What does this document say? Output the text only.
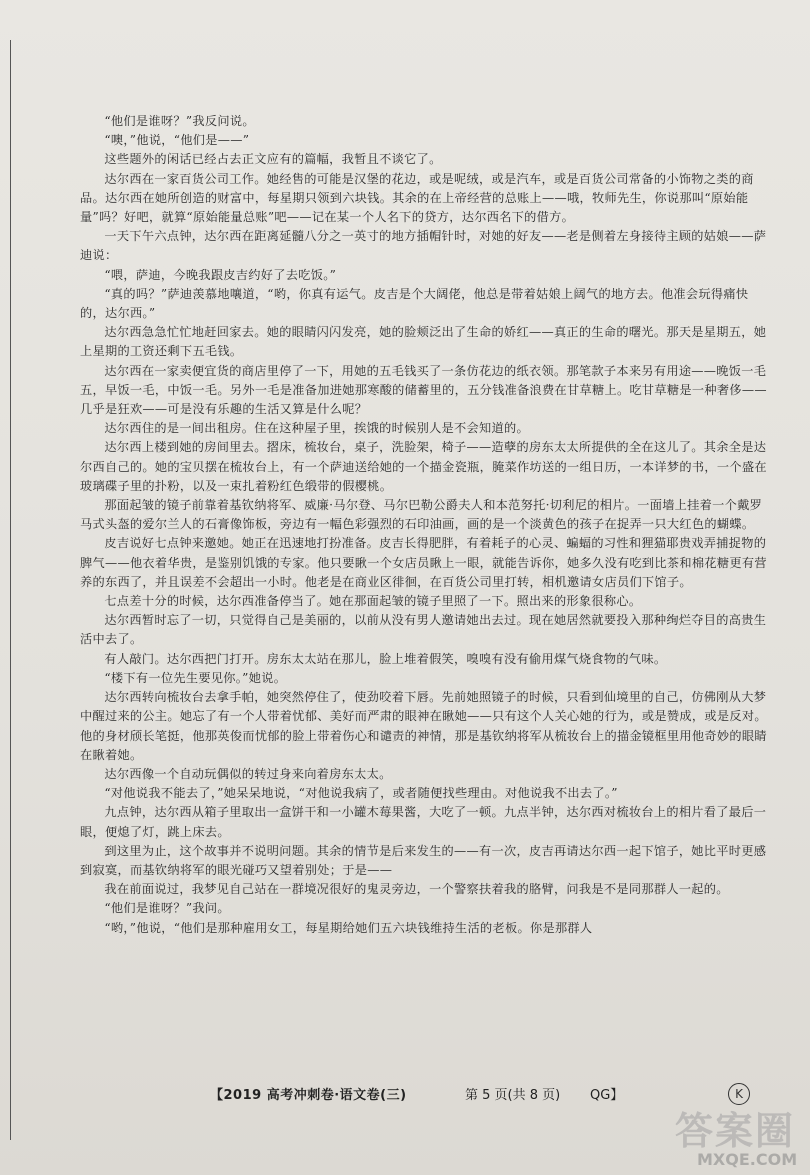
“他们是谁呀？”我反问说。

“噢，”他说，“他们是——”

这些题外的闲话已经占去正文应有的篇幅，我暂且不谈它了。

达尔西在一家百货公司工作。她经售的可能是汉堡的花边，或是呢绒，或是汽车，或是百货公司常备的小饰物之类的商品。达尔西在她所创造的财富中，每星期只领到六块钱。其余的在上帝经营的总账上——哦，牧师先生，你说那叫“原始能量”吗？好吧，就算“原始能量总账”吧——记在某一个人名下的贷方，达尔西名下的借方。

一天下午六点钟，达尔西在距离延髓八分之一英寸的地方插帽针时，对她的好友——老是侧着左身接待主顾的姑娘——萨迪说：

“喂，萨迪，今晚我跟皮吉约好了去吃饭。”

“真的吗？”萨迪羡慕地嚷道，“哟，你真有运气。皮吉是个大阔佬，他总是带着姑娘上阔气的地方去。他准会玩得痛快的，达尔西。”

达尔西急急忙忙地赶回家去。她的眼睛闪闪发亮，她的脸颊泛出了生命的娇红——真正的生命的曙光。那天是星期五，她上星期的工资还剩下五毛钱。

达尔西在一家卖便宜货的商店里停了一下，用她的五毛钱买了一条仿花边的纸衣领。那笔款子本来另有用途——晚饭一毛五，早饭一毛，中饭一毛。另外一毛是准备加进她那寒酸的储蓄里的，五分钱准备浪费在甘草糖上。吃甘草糖是一种奢侈——几乎是狂欢——可是没有乐趣的生活又算是什么呢？

达尔西住的是一间出租房。住在这种屋子里，挨饿的时候别人是不会知道的。

达尔西上楼到她的房间里去。摺床，梳妆台，桌子，洗脸架，椅子——造孽的房东太太所提供的全在这儿了。其余全是达尔西自己的。她的宝贝摆在梳妆台上，有一个萨迪送给她的一个描金瓷瓶，腌菜作坊送的一组日历，一本详梦的书，一个盛在玻璃碟子里的扑粉，以及一束扎着粉红色缎带的假樱桃。

那面起皱的镜子前靠着基钦纳将军、威廉·马尔登、马尔巴勒公爵夫人和本范努托·切利尼的相片。一面墙上挂着一个戴罗马式头盔的爱尔兰人的石膏像饰板，旁边有一幅色彩强烈的石印油画，画的是一个淡黄色的孩子在捉弄一只大红色的蝴蝶。

皮吉说好七点钟来邀她。她正在迅速地打扮准备。皮吉长得肥胖，有着耗子的心灵、蝙蝠的习性和狸猫耶贵戏弄捕捉物的脾气——他衣着华贵，是鉴别饥饿的专家。他只要瞅一个女店员瞅上一眼，就能告诉你，她多久没有吃到比茶和棉花糖更有营养的东西了，并且误差不会超出一小时。他老是在商业区徘徊，在百货公司里打转，相机邀请女店员们下馆子。

七点差十分的时候，达尔西准备停当了。她在那面起皱的镜子里照了一下。照出来的形象很称心。

达尔西暂时忘了一切，只觉得自己是美丽的，以前从没有男人邀请她出去过。现在她居然就要投入那种绚烂夺目的高贵生活中去了。

有人敲门。达尔西把门打开。房东太太站在那儿，脸上堆着假笑，嗅嗅有没有偷用煤气烧食物的气味。

“楼下有一位先生要见你。”她说。

达尔西转向梳妆台去拿手帕，她突然停住了，使劲咬着下唇。先前她照镜子的时候，只看到仙境里的自己，仿佛刚从大梦中醒过来的公主。她忘了有一个人带着忧郁、美好而严肃的眼神在瞅她——只有这个人关心她的行为，或是赞成，或是反对。他的身材颀长笔挺，他那英俊而忧郁的脸上带着伤心和谴责的神情，那是基钦纳将军从梳妆台上的描金镜框里用他奇妙的眼睛在瞅着她。

达尔西像一个自动玩偶似的转过身来向着房东太太。

“对他说我不能去了，”她呆呆地说，“对他说我病了，或者随便找些理由。对他说我不出去了。”

九点钟，达尔西从箱子里取出一盒饼干和一小罐木莓果酱，大吃了一顿。九点半钟，达尔西对梳妆台上的相片看了最后一眼，便熄了灯，跳上床去。

到这里为止，这个故事并不说明问题。其余的情节是后来发生的——有一次，皮吉再请达尔西一起下馆子，她比平时更感到寂寞，而基钦纳将军的眼光碰巧又望着别处；于是——

我在前面说过，我梦见自己站在一群境况很好的鬼灵旁边，一个警察扶着我的胳臂，问我是不是同那群人一起的。

“他们是谁呀？”我问。

“哟，”他说，“他们是那种雇用女工，每星期给她们五六块钱维持生活的老板。你是那群人

【2019 高考冲刺卷·语文卷(三)	第 5 页(共 8 页) QG】	K
答案圈
MXQE.COM
